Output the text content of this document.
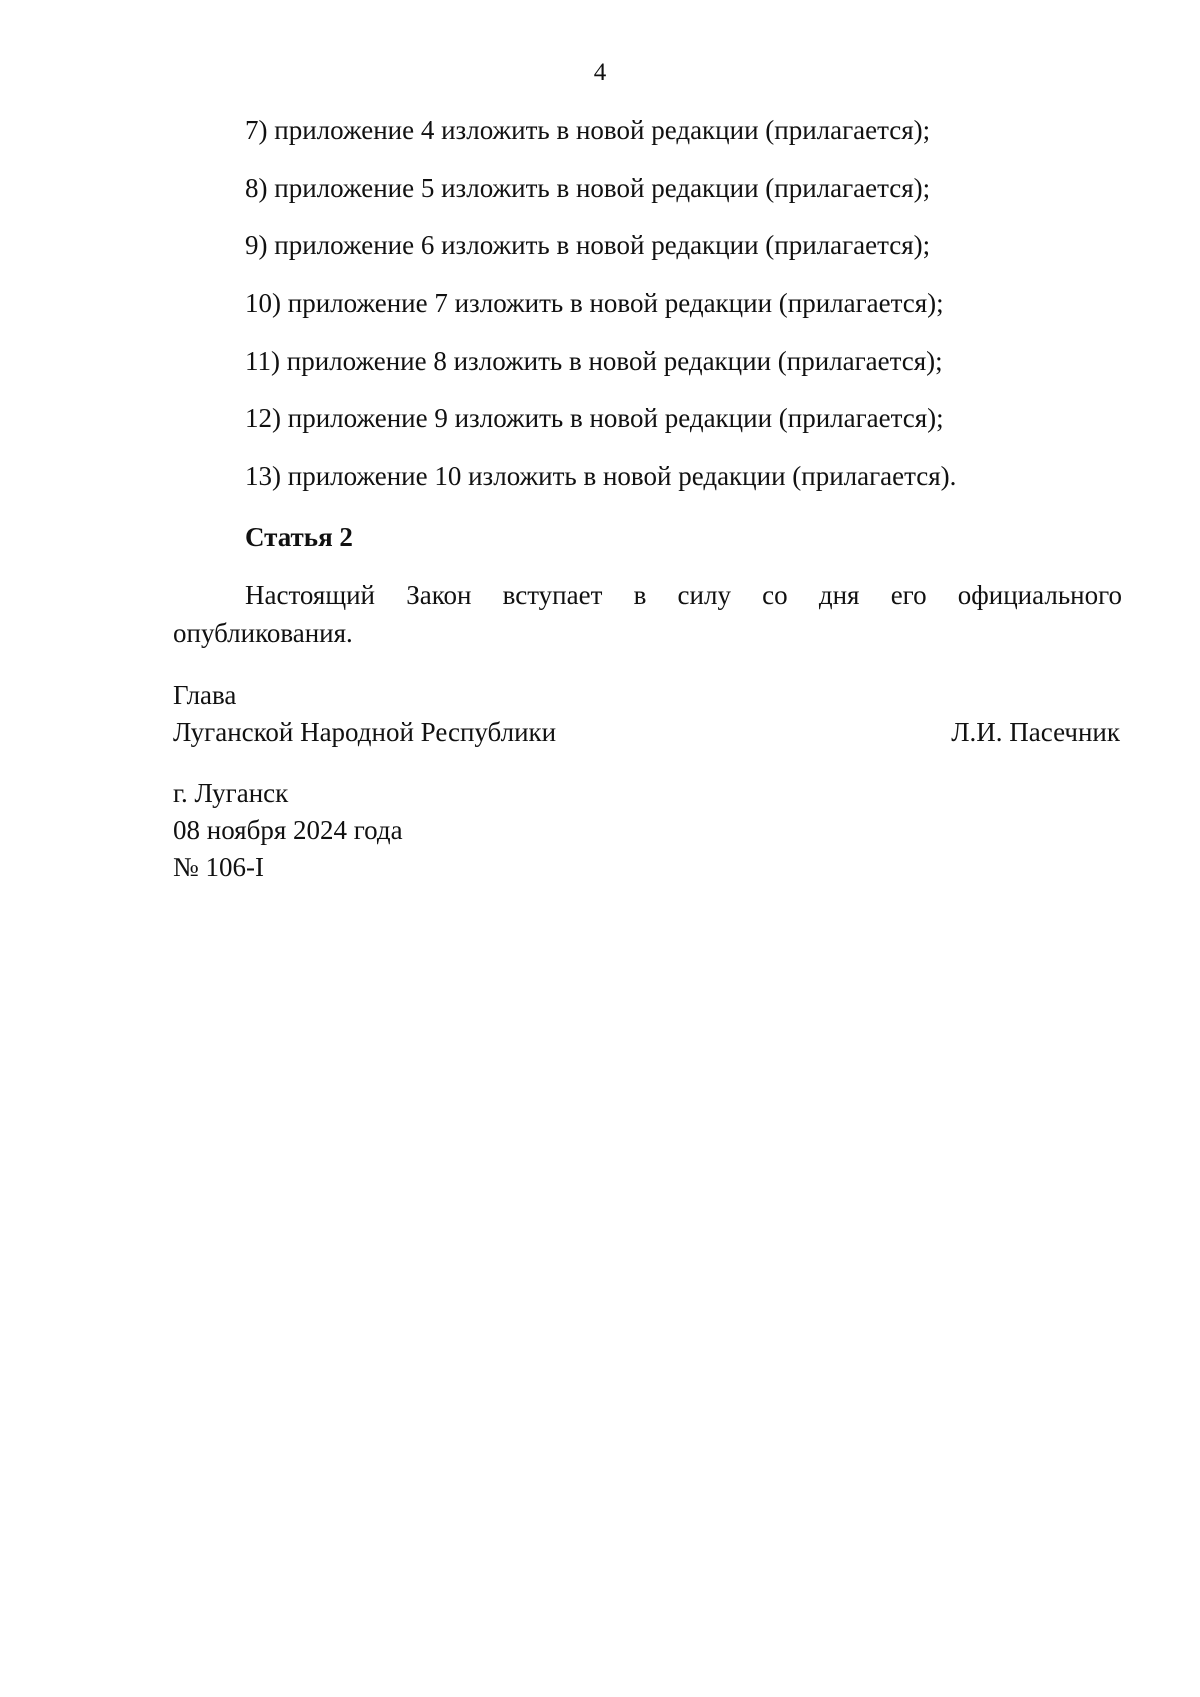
4
7) приложение 4 изложить в новой редакции (прилагается);
8) приложение 5 изложить в новой редакции (прилагается);
9) приложение 6 изложить в новой редакции (прилагается);
10) приложение 7 изложить в новой редакции (прилагается);
11) приложение 8 изложить в новой редакции (прилагается);
12) приложение 9 изложить в новой редакции (прилагается);
13) приложение 10 изложить в новой редакции (прилагается).
Статья 2
Настоящий Закон вступает в силу со дня его официального
опубликования.
Глава
Луганской Народной Республики	Л.И. Пасечник
г. Луганск
08 ноября 2024 года
№ 106-I
